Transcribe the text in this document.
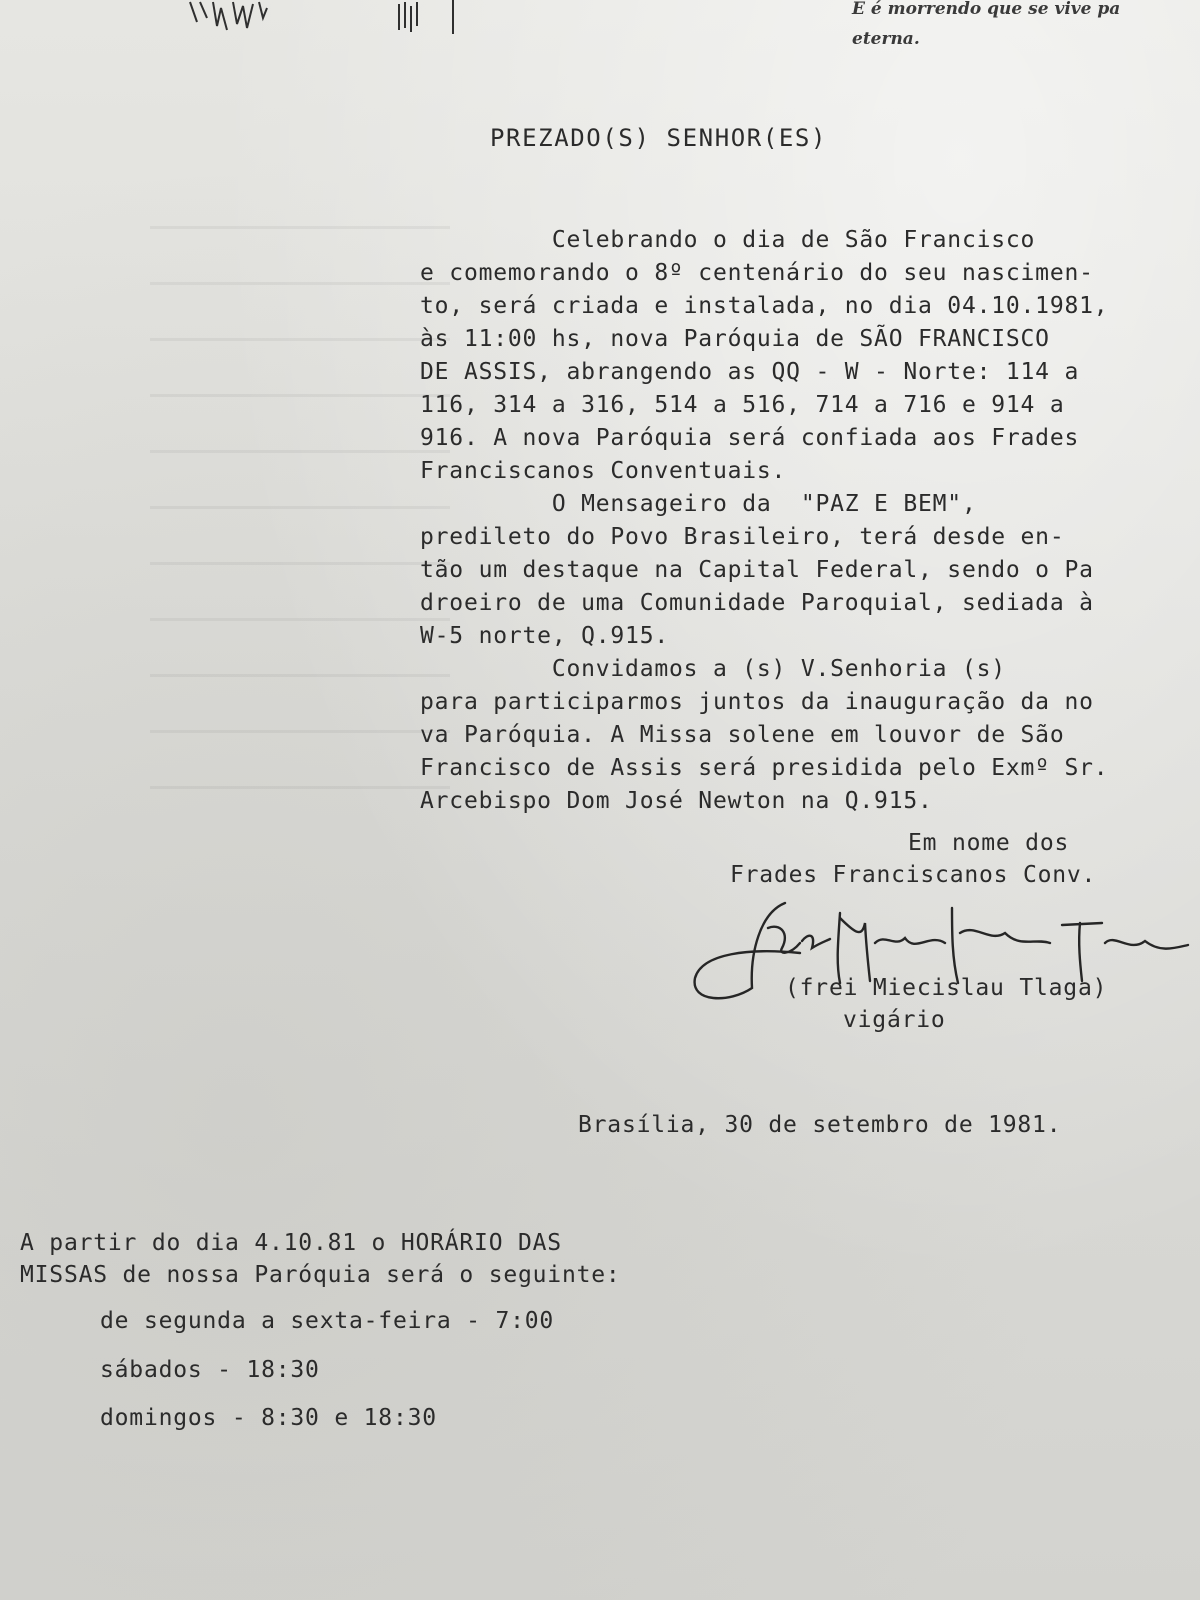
E é morrendo que se vive pa
eterna.
PREZADO(S) SENHOR(ES)
Celebrando o dia de São Francisco
e comemorando o 8º centenário do seu nascimen-
to, será criada e instalada, no dia 04.10.1981,
às 11:00 hs, nova Paróquia de SÃO FRANCISCO
DE ASSIS, abrangendo as QQ - W - Norte: 114 a
116, 314 a 316, 514 a 516, 714 a 716 e 914 a
916. A nova Paróquia será confiada aos Frades
Franciscanos Conventuais.
O Mensageiro da  "PAZ E BEM",
predileto do Povo Brasileiro, terá desde en-
tão um destaque na Capital Federal, sendo o Pa
droeiro de uma Comunidade Paroquial, sediada à
W-5 norte, Q.915.
Convidamos a (s) V.Senhoria (s)
para participarmos juntos da inauguração da no
va Paróquia. A Missa solene em louvor de São
Francisco de Assis será presidida pelo Exmº Sr.
Arcebispo Dom José Newton na Q.915.
Em nome dos
Frades Franciscanos Conv.
(frei Miecislau Tlaga)
vigário
Brasília, 30 de setembro de 1981.
A partir do dia 4.10.81 o HORÁRIO DAS
MISSAS de nossa Paróquia será o seguinte:
de segunda a sexta-feira - 7:00
sábados - 18:30
domingos - 8:30 e 18:30
